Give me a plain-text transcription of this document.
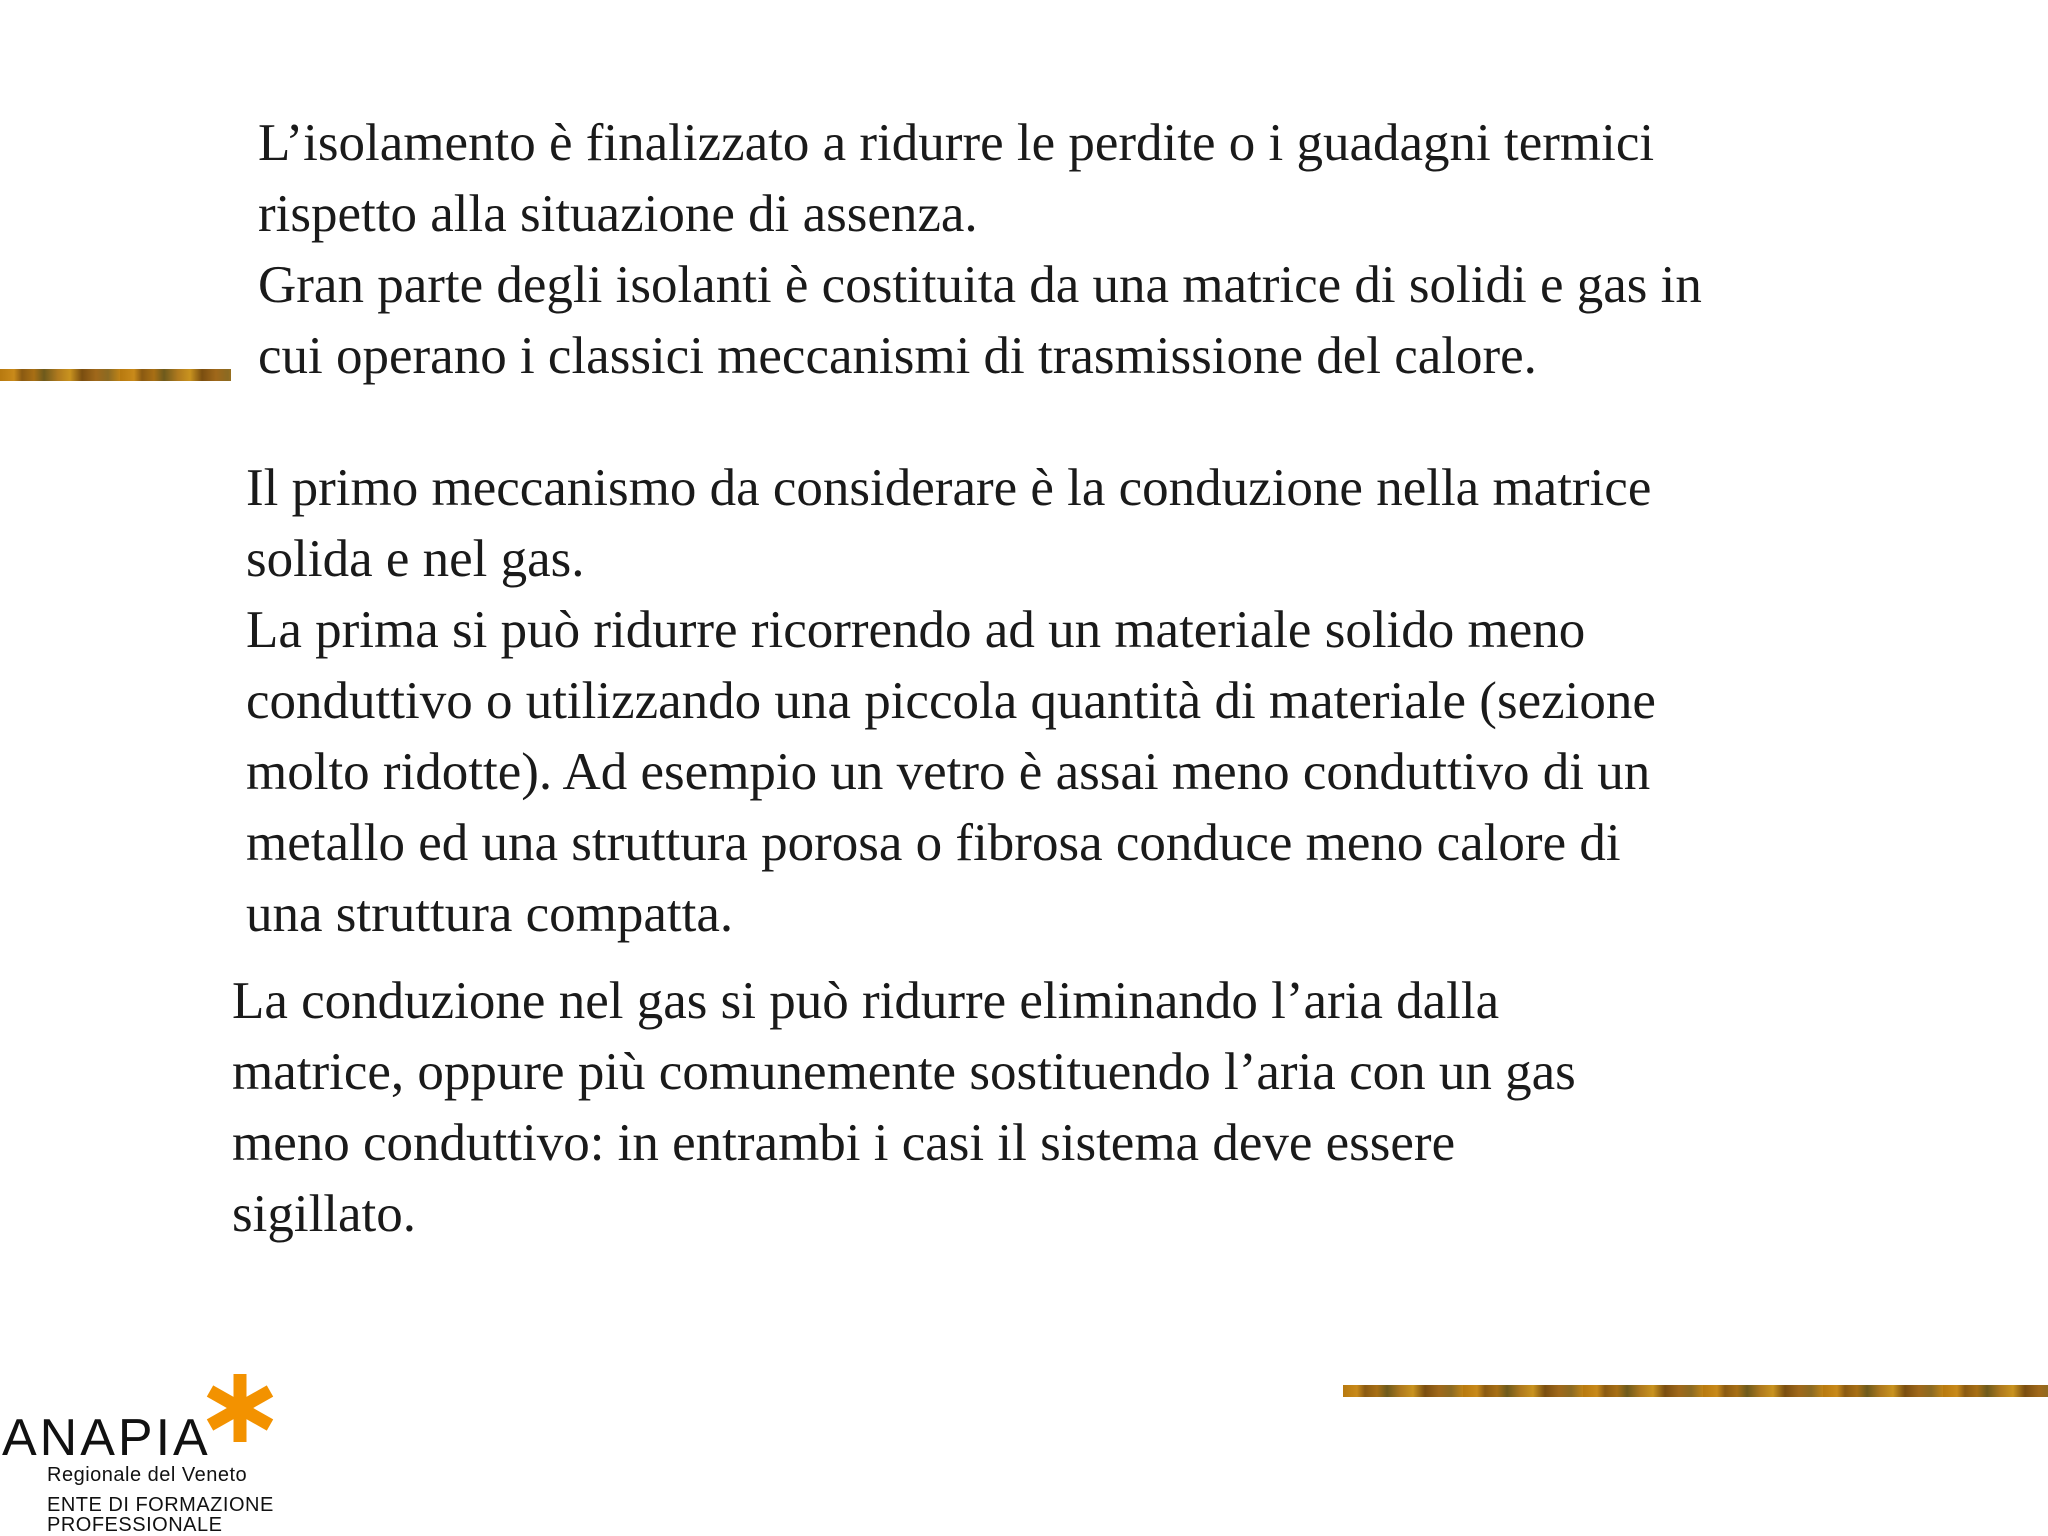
L’isolamento è finalizzato a ridurre le perdite o i guadagni termici
rispetto alla situazione di assenza.
Gran parte degli isolanti è costituita da una matrice di solidi e gas in
cui operano i classici meccanismi di trasmissione del calore.

Il primo meccanismo da considerare è la conduzione nella matrice
solida e nel gas.
La prima si può ridurre ricorrendo ad un materiale solido meno
conduttivo o utilizzando una piccola quantità di materiale (sezione
molto ridotte). Ad esempio un vetro è assai meno conduttivo di un
metallo ed una struttura porosa o fibrosa conduce meno calore di
una struttura compatta.

La conduzione nel gas si può ridurre eliminando l’aria dalla
matrice, oppure più comunemente sostituendo l’aria con un gas
meno conduttivo: in entrambi i casi il sistema deve essere
sigillato.

ANAPIA
Regionale del Veneto
ENTE DI FORMAZIONE
PROFESSIONALE
